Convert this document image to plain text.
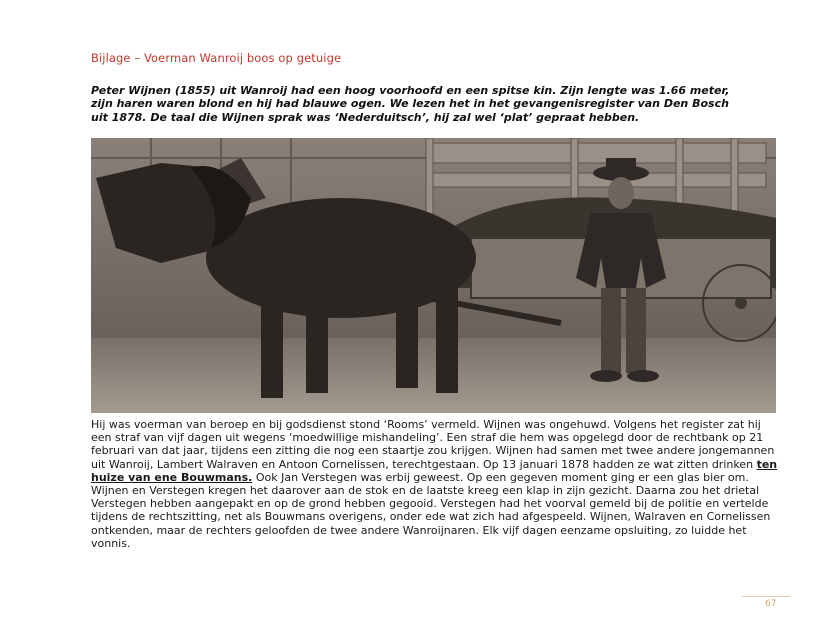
Bijlage – Voerman Wanroij boos op getuige
Peter Wijnen (1855) uit Wanroij had een hoog voorhoofd en een spitse kin. Zijn lengte was 1.66 meter, zijn haren waren blond en hij had blauwe ogen. We lezen het in het gevangenisregister van Den Bosch uit 1878. De taal die Wijnen sprak was ‘Nederduitsch’, hij zal wel ‘plat’ gepraat hebben.
Hij was voerman van beroep en bij godsdienst stond ‘Rooms’ vermeld. Wijnen was ongehuwd. Volgens het register zat hij een straf van vijf dagen uit wegens ‘moedwillige mishandeling’. Een straf die hem was opgelegd door de rechtbank op 21 februari van dat jaar, tijdens een zitting die nog een staartje zou krijgen. Wijnen had samen met twee andere jongemannen uit Wanroij, Lambert Walraven en Antoon Cornelissen, terechtgestaan. Op 13 januari 1878 hadden ze wat zitten drinken ten huize van ene Bouwmans. Ook Jan Verstegen was erbij geweest. Op een gegeven moment ging er een glas bier om. Wijnen en Verstegen kregen het daarover aan de stok en de laatste kreeg een klap in zijn gezicht. Daarna zou het drietal Verstegen hebben aangepakt en op de grond hebben gegooid. Verstegen had het voorval gemeld bij de politie en vertelde tijdens de rechtszitting, net als Bouwmans overigens, onder ede wat zich had afgespeeld. Wijnen, Walraven en Cornelissen ontkenden, maar de rechters geloofden de twee andere Wanroijnaren. Elk vijf dagen eenzame opsluiting, zo luidde het vonnis.
67
